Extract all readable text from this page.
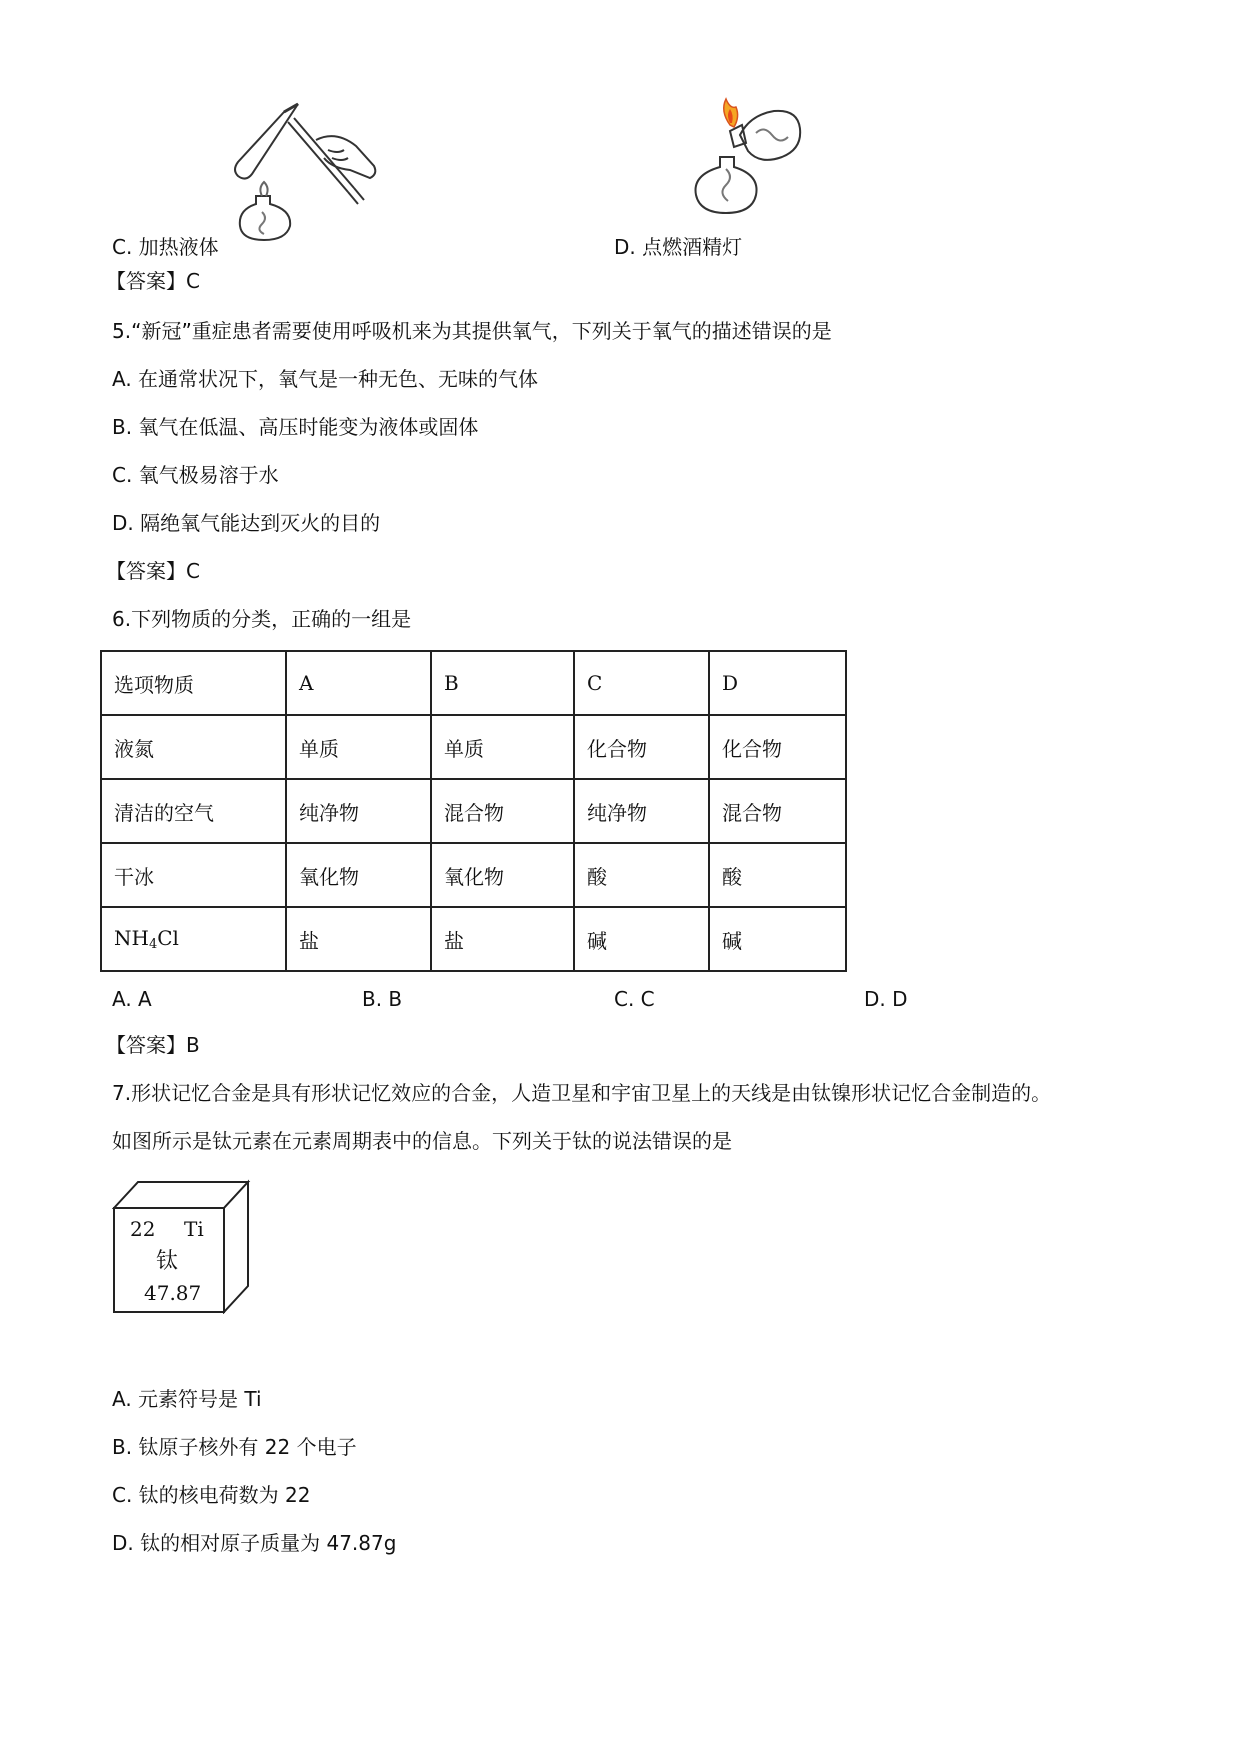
C. 加热液体	D. 点燃酒精灯
【答案】C
5.“新冠”重症患者需要使用呼吸机来为其提供氧气，下列关于氧气的描述错误的是
A. 在通常状况下，氧气是一种无色、无味的气体
B. 氧气在低温、高压时能变为液体或固体
C. 氧气极易溶于水
D. 隔绝氧气能达到灭火的目的
【答案】C
6.下列物质的分类，正确的一组是
选项物质	A	B	C	D
液氮	单质	单质	化合物	化合物
清洁的空气	纯净物	混合物	纯净物	混合物
干冰	氧化物	氧化物	酸	酸
$NH_4Cl$	盐	盐	碱	碱
A. A	B. B	C. C	D. D
【答案】B
7.形状记忆合金是具有形状记忆效应的合金，人造卫星和宇宙卫星上的天线是由钛镍形状记忆合金制造的。
如图所示是钛元素在元素周期表中的信息。下列关于钛的说法错误的是
22 Ti
钛
47.87
A. 元素符号是 Ti
B. 钛原子核外有 22 个电子
C. 钛的核电荷数为 22
D. 钛的相对原子质量为 47.87g
